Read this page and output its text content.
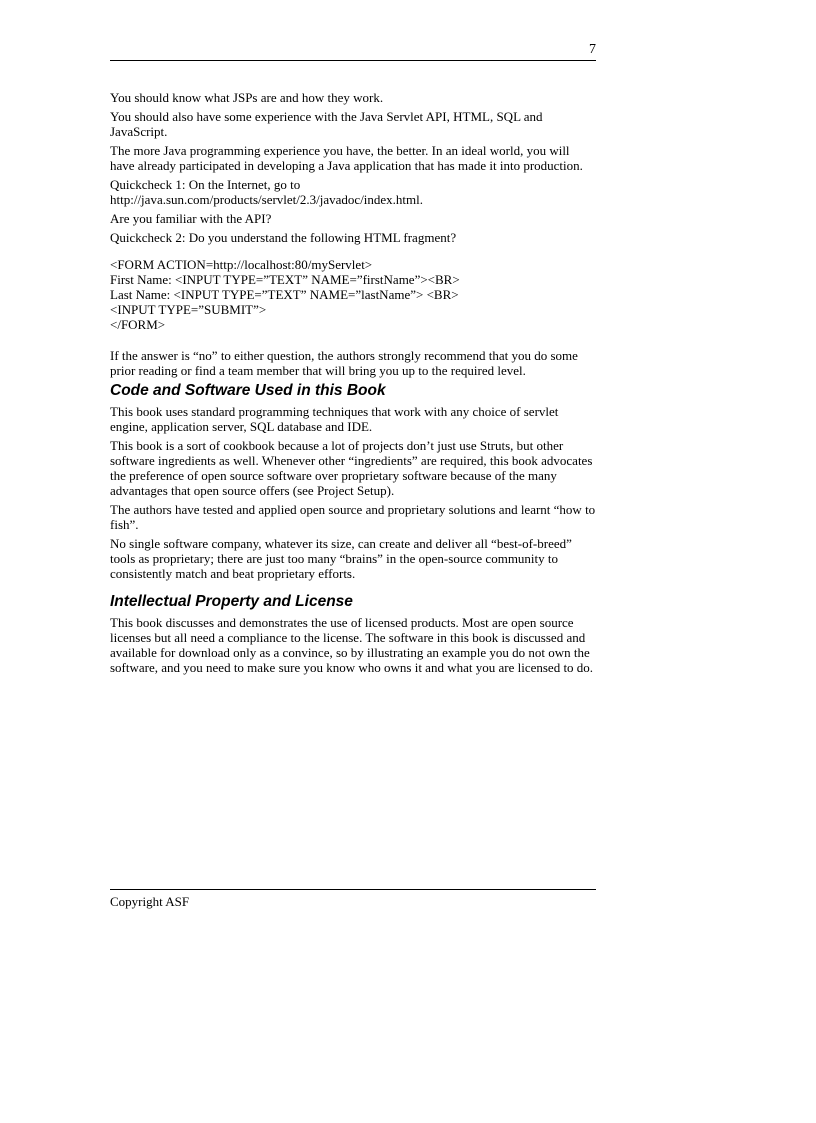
7

You should know what JSPs are and how they work.

You should also have some experience with the Java Servlet API, HTML, SQL and JavaScript.

The more Java programming experience you have, the better. In an ideal world, you will have already participated in developing a Java application that has made it into production.

Quickcheck 1: On the Internet, go to
http://java.sun.com/products/servlet/2.3/javadoc/index.html.

Are you familiar with the API?

Quickcheck 2: Do you understand the following HTML fragment?

<FORM ACTION=http://localhost:80/myServlet>
First Name: <INPUT TYPE=”TEXT” NAME=”firstName”><BR>
Last Name: <INPUT TYPE=”TEXT” NAME=”lastName”> <BR>
<INPUT TYPE=”SUBMIT”>
</FORM>

If the answer is “no” to either question, the authors strongly recommend that you do some prior reading or find a team member that will bring you up to the required level.

Code and Software Used in this Book

This book uses standard programming techniques that work with any choice of servlet engine, application server, SQL database and IDE.

This book is a sort of cookbook because a lot of projects don’t just use Struts, but other software ingredients as well. Whenever other “ingredients” are required, this book advocates the preference of open source software over proprietary software because of the many advantages that open source offers (see Project Setup).

The authors have tested and applied open source and proprietary solutions and learnt “how to fish”.

No single software company, whatever its size, can create and deliver all “best-of-breed” tools as proprietary; there are just too many “brains” in the open-source community to consistently match and beat proprietary efforts.

Intellectual Property and License

This book discusses and demonstrates the use of licensed products. Most are open source licenses but all need a compliance to the license. The software in this book is discussed and available for download only as a convince, so by illustrating an example you do not own the software, and you need to make sure you know who owns it and what you are licensed to do.

Copyright ASF
